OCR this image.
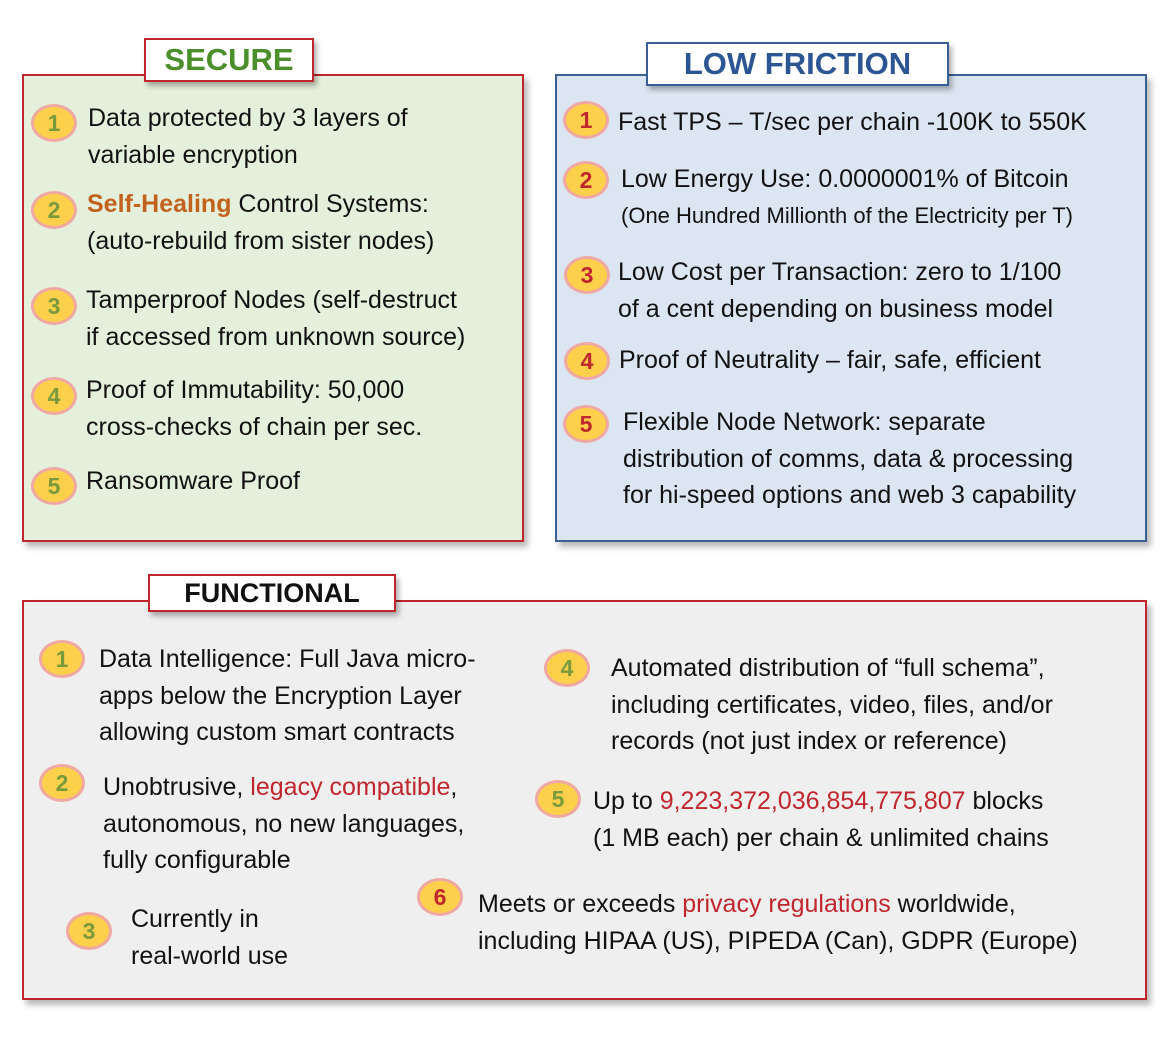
SECURE	LOW FRICTION
FUNCTIONAL
1	Data protected by 3 layers of
variable encryption
2	Self-Healing Control Systems:
(auto-rebuild from sister nodes)
3	Tamperproof Nodes (self-destruct
if accessed from unknown source)
4	Proof of Immutability: 50,000
cross-checks of chain per sec.
5	Ransomware Proof
1	Fast TPS – T/sec per chain -100K to 550K
2	Low Energy Use: 0.0000001% of Bitcoin
(One Hundred Millionth of the Electricity per T)
3 Low Cost per Transaction: zero to 1/100
of a cent depending on business model
4	Proof of Neutrality – fair, safe, efficient
5	Flexible Node Network: separate
distribution of comms, data & processing
for hi-speed options and web 3 capability
1	Data Intelligence: Full Java micro-
apps below the Encryption Layer
allowing custom smart contracts
2	Unobtrusive, legacy compatible,
autonomous, no new languages,
fully configurable
3	Currently in
real-world use
4	Automated distribution of “full schema”,
including certificates, video, files, and/or
records (not just index or reference)
5	Up to 9,223,372,036,854,775,807 blocks
(1 MB each) per chain & unlimited chains
6	Meets or exceeds privacy regulations worldwide,
including HIPAA (US), PIPEDA (Can), GDPR (Europe)
